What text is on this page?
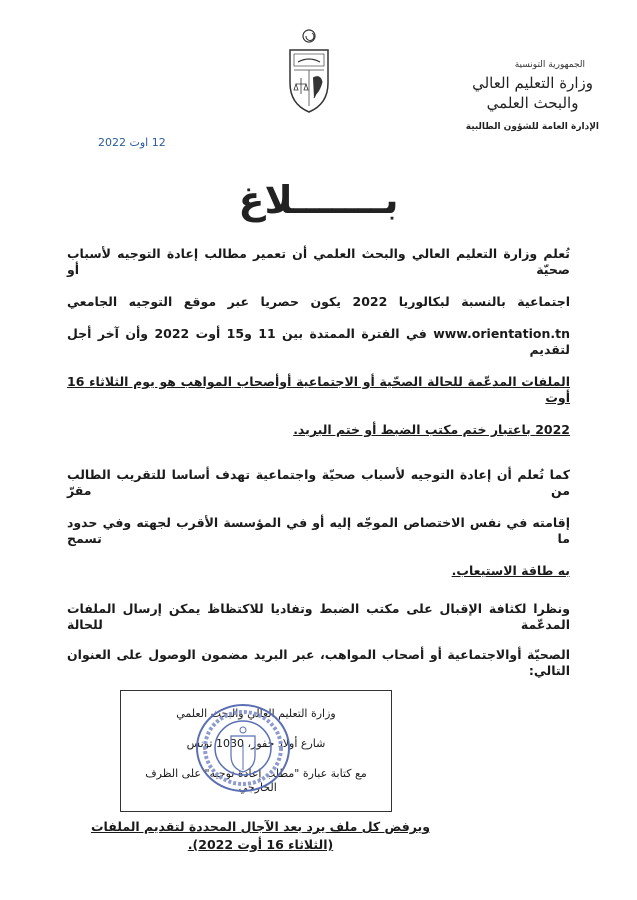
الجمهورية التونسية
وزارة التعليم العالي
والبحث العلمي
الإدارة العامة للشؤون الطالبية
12 اوت 2022
بـــــــلاغ
تُعلم وزارة التعليم العالي والبحث العلمي أن تعمير مطالب إعادة التوجيه لأسباب صحيّة أو
اجتماعية بالنسبة لبكالوريا 2022 يكون حصريا عبر موقع التوجيه الجامعي
www.orientation.tn في الفترة الممتدة بين 11 و15 أوت 2022 وأن آخر أجل لتقديم
الملفات المدعّمة للحالة الصحّية أو الاجتماعية أوأصحاب المواهب هو يوم الثلاثاء 16 أوت
2022 باعتبار ختم مكتب الضبط أو ختم البريد.
كما تُعلم أن إعادة التوجيه لأسباب صحيّة واجتماعية تهدف أساسا للتقريب الطالب من مقرّ
إقامته في نفس الاختصاص الموجّه إليه أو في المؤسسة الأقرب لجهته وفي حدود ما تسمح
به طاقة الاستيعاب.
ونظرا لكثافة الإقبال على مكتب الضبط وتفاديا للاكتظاظ يمكن إرسال الملفات المدعّمة للحالة
الصحيّة أوالاجتماعية أو أصحاب المواهب، عبر البريد مضمون الوصول على العنوان التالي:
وزارة التعليم العالي والبحث العلمي
شارع أولاد حفوز، 1030 تونس
مع كتابة عبارة "مطلب إعادة توجيه" على الظرف الخارجي.
ويرفض كل ملف يرد بعد الآجال المحددة لتقديم الملفات (الثلاثاء 16 أوت 2022).
